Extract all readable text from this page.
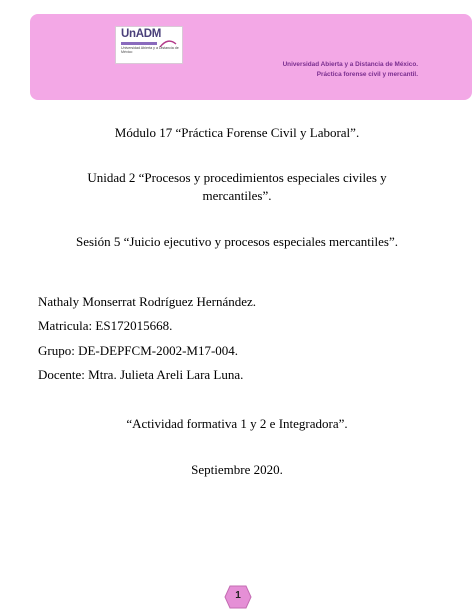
UnADM
Universidad Abierta y a Distancia de México
Universidad Abierta y a Distancia de México.
Práctica forense civil y mercantil.
Módulo 17 “Práctica Forense Civil y Laboral”.
Unidad 2 “Procesos y procedimientos especiales civiles y
mercantiles”.
Sesión 5 “Juicio ejecutivo y procesos especiales mercantiles”.
Nathaly Monserrat Rodríguez Hernández.
Matricula: ES172015668.
Grupo: DE-DEPFCM-2002-M17-004.
Docente: Mtra. Julieta Areli Lara Luna.
“Actividad formativa 1 y 2 e Integradora”.
Septiembre 2020.
1
